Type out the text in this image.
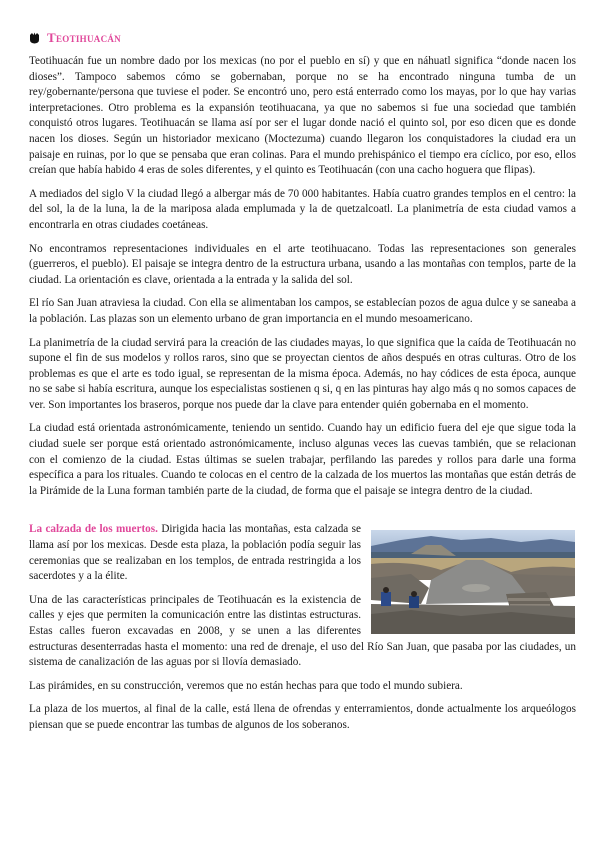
Teotihuacán

Teotihuacán fue un nombre dado por los mexicas (no por el pueblo en sí) y que en náhuatl significa “donde nacen los dioses”. Tampoco sabemos cómo se gobernaban, porque no se ha encontrado ninguna tumba de un rey/gobernante/persona que tuviese el poder. Se encontró uno, pero está enterrado como los mayas, por lo que hay varias interpretaciones. Otro problema es la expansión teotihuacana, ya que no sabemos si fue una sociedad que también conquistó otros lugares. Teotihuacán se llama así por ser el lugar donde nació el quinto sol, por eso dicen que es donde nacen los dioses. Según un historiador mexicano (Moctezuma) cuando llegaron los conquistadores la ciudad era un paisaje en ruinas, por lo que se pensaba que eran colinas. Para el mundo prehispánico el tiempo era cíclico, por eso, ellos creían que había habido 4 eras de soles diferentes, y el quinto es Teotihuacán (con una cacho hoguera que flipas).

A mediados del siglo V la ciudad llegó a albergar más de 70 000 habitantes. Había cuatro grandes templos en el centro: la del sol, la de la luna, la de la mariposa alada emplumada y la de quetzalcoatl. La planimetría de esta ciudad vamos a encontrarla en otras ciudades coetáneas.

No encontramos representaciones individuales en el arte teotihuacano. Todas las representaciones son generales (guerreros, el pueblo). El paisaje se integra dentro de la estructura urbana, usando a las montañas con templos, parte de la ciudad. La orientación es clave, orientada a la entrada y la salida del sol.

El río San Juan atraviesa la ciudad. Con ella se alimentaban los campos, se establecían pozos de agua dulce y se saneaba a la población. Las plazas son un elemento urbano de gran importancia en el mundo mesoamericano.

La planimetría de la ciudad servirá para la creación de las ciudades mayas, lo que significa que la caída de Teotihuacán no supone el fin de sus modelos y rollos raros, sino que se proyectan cientos de años después en otras culturas. Otro de los problemas es que el arte es todo igual, se representan de la misma época. Además, no hay códices de esta época, aunque no se sabe si había escritura, aunque los especialistas sostienen q si, q en las pinturas hay algo más q no somos capaces de ver. Son importantes los braseros, porque nos puede dar la clave para entender quién gobernaba en el momento.

La ciudad está orientada astronómicamente, teniendo un sentido. Cuando hay un edificio fuera del eje que sigue toda la ciudad suele ser porque está orientado astronómicamente, incluso algunas veces las cuevas también, que se relacionan con el comienzo de la ciudad. Estas últimas se suelen trabajar, perfilando las paredes y rollos para darle una forma específica a para los rituales. Cuando te colocas en el centro de la calzada de los muertos las montañas que están detrás de la Pirámide de la Luna forman también parte de la ciudad, de forma que el paisaje se integra dentro de la ciudad.

La calzada de los muertos. Dirigida hacia las montañas, esta calzada se llama así por los mexicas. Desde esta plaza, la población podía seguir las ceremonias que se realizaban en los templos, de entrada restringida a los sacerdotes y a la élite.

Una de las características principales de Teotihuacán es la existencia de calles y ejes que permiten la comunicación entre las distintas estructuras. Estas calles fueron excavadas en 2008, y se unen a las diferentes estructuras desenterradas hasta el momento: una red de drenaje, el uso del Río San Juan, que pasaba por las ciudades, un sistema de canalización de las aguas por si llovía demasiado.

Las pirámides, en su construcción, veremos que no están hechas para que todo el mundo subiera.

La plaza de los muertos, al final de la calle, está llena de ofrendas y enterramientos, donde actualmente los arqueólogos piensan que se puede encontrar las tumbas de algunos de los soberanos.
